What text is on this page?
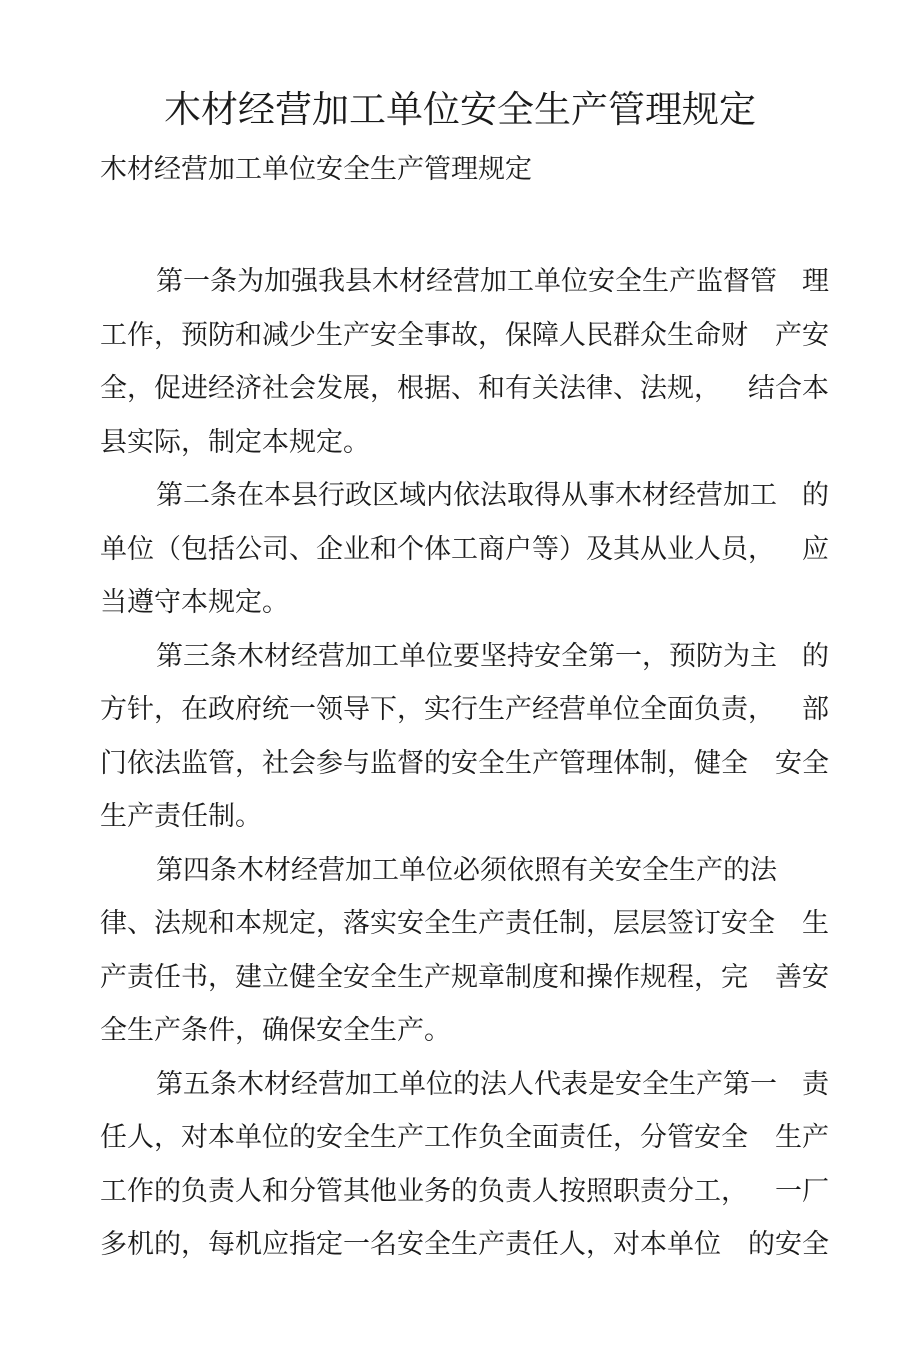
木材经营加工单位安全生产管理规定

木材经营加工单位安全生产管理规定

第一条为加强我县木材经营加工单位安全生产监督管 理
工作，预防和减少生产安全事故，保障人民群众生命财 产安
全，促进经济社会发展，根据、和有关法律、法规， 结合本
县实际，制定本规定。
第二条在本县行政区域内依法取得从事木材经营加工 的
单位（包括公司、企业和个体工商户等）及其从业人员， 应
当遵守本规定。
第三条木材经营加工单位要坚持安全第一，预防为主 的
方针，在政府统一领导下，实行生产经营单位全面负责， 部
门依法监管，社会参与监督的安全生产管理体制，健全 安全
生产责任制。
第四条木材经营加工单位必须依照有关安全生产的法
律、法规和本规定，落实安全生产责任制，层层签订安全 生
产责任书，建立健全安全生产规章制度和操作规程，完 善安
全生产条件，确保安全生产。
第五条木材经营加工单位的法人代表是安全生产第一 责
任人，对本单位的安全生产工作负全面责任，分管安全 生产
工作的负责人和分管其他业务的负责人按照职责分工， 一厂
多机的，每机应指定一名安全生产责任人，对本单位 的安全
